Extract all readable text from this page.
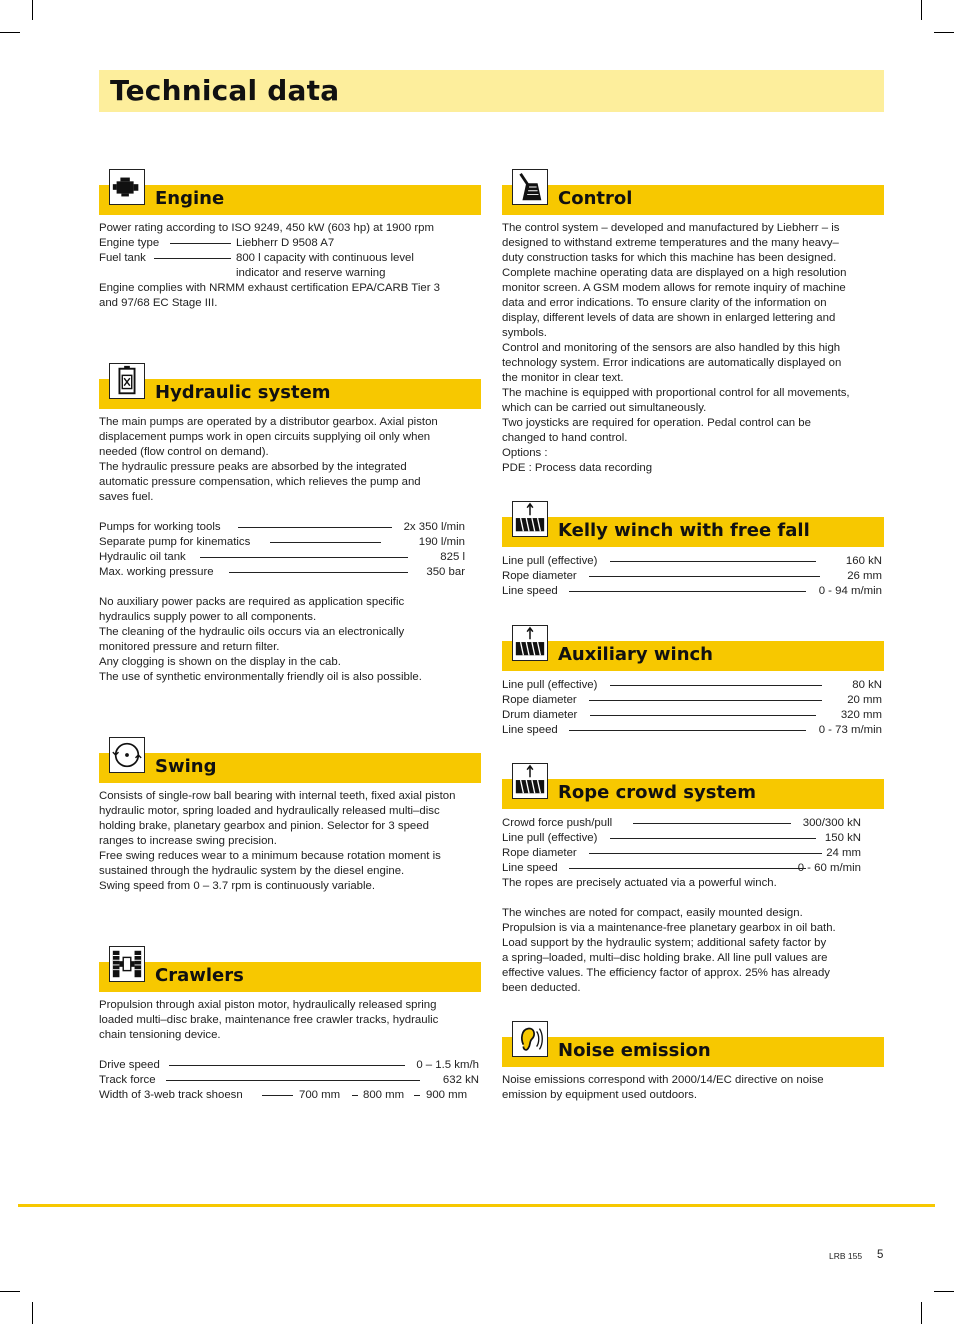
Technical data
Engine

Power rating according to ISO 9249, 450 kW (603 hp) at 1900 rpm

Engine type	Liebherr D 9508 A7
Fuel tank	800 l capacity with continuous level
indicator and reserve warning

Engine complies with NRMM exhaust certification EPA/CARB Tier 3

and 97/68 EC Stage III.

Hydraulic system

The main pumps are operated by a distributor gearbox. Axial piston

displacement pumps work in open circuits supplying oil only when

needed (flow control on demand).

The hydraulic pressure peaks are absorbed by the integrated

automatic pressure compensation, which relieves the pump and

saves fuel.

Pumps for working tools	2x 350 l/min
Separate pump for kinematics	190 l/min
Hydraulic oil tank	825 l
Max. working pressure	350 bar

No auxiliary power packs are required as application specific

hydraulics supply power to all components.

The cleaning of the hydraulic oils occurs via an electronically

monitored pressure and return filter.

Any clogging is shown on the display in the cab.

The use of synthetic environmentally friendly oil is also possible.

Swing

Consists of single-row ball bearing with internal teeth, fixed axial piston

hydraulic motor, spring loaded and hydraulically released multi–disc

holding brake, planetary gearbox and pinion. Selector for 3 speed

ranges to increase swing precision.

Free swing reduces wear to a minimum because rotation moment is

sustained through the hydraulic system by the diesel engine.

Swing speed from 0 – 3.7 rpm is continuously variable.

Crawlers

Propulsion through axial piston motor, hydraulically released spring

loaded multi–disc brake, maintenance free crawler tracks, hydraulic

chain tensioning device.

Drive speed	0 – 1.5 km/h
Track force	632 kN
Width of 3-web track shoesn	700 mm 800 mm 900 mm
Control

The control system – developed and manufactured by Liebherr – is

designed to withstand extreme temperatures and the many heavy–

duty construction tasks for which this machine has been designed.

Complete machine operating data are displayed on a high resolution

monitor screen. A GSM modem allows for remote inquiry of machine

data and error indications. To ensure clarity of the information on

display, different levels of data are shown in enlarged lettering and

symbols.

Control and monitoring of the sensors are also handled by this high

technology system. Error indications are automatically displayed on

the monitor in clear text.

The machine is equipped with proportional control for all movements,

which can be carried out simultaneously.

Two joysticks are required for operation. Pedal control can be

changed to hand control.

Options :

PDE : Process data recording

Kelly winch with free fall
Line pull (effective)	160 kN
Rope diameter	26 mm
Line speed	0 - 94 m/min
Auxiliary winch
Line pull (effective)	80 kN
Rope diameter	20 mm
Drum diameter	320 mm
Line speed	0 - 73 m/min
Rope crowd system
Crowd force push/pull	300/300 kN
Line pull (effective)	150 kN
Rope diameter	24 mm
Line speed	0 - 60 m/min

The ropes are precisely actuated via a powerful winch.

The winches are noted for compact, easily mounted design.

Propulsion is via a maintenance-free planetary gearbox in oil bath.

Load support by the hydraulic system; additional safety factor by

a spring–loaded, multi–disc holding brake. All line pull values are

effective values. The efficiency factor of approx. 25% has already

been deducted.

Noise emission

Noise emissions correspond with 2000/14/EC directive on noise

emission by equipment used outdoors.

LRB 155 5
